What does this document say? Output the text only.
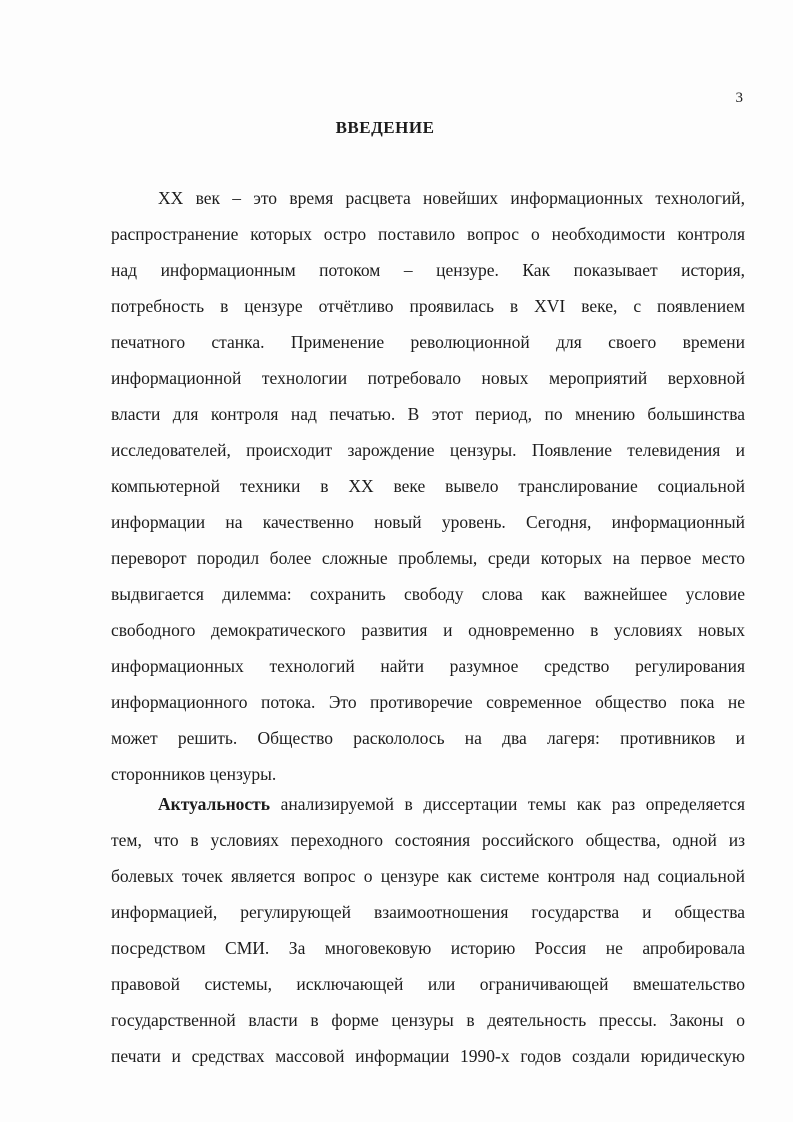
3
ВВЕДЕНИЕ
XX век – это время расцвета новейших информационных технологий,
распространение которых остро поставило вопрос о необходимости контроля
над информационным потоком – цензуре. Как показывает история,
потребность в цензуре отчётливо проявилась в XVI веке, с появлением
печатного станка. Применение революционной для своего времени
информационной технологии потребовало новых мероприятий верховной
власти для контроля над печатью. В этот период, по мнению большинства
исследователей, происходит зарождение цензуры. Появление телевидения и
компьютерной техники в XX веке вывело транслирование социальной
информации на качественно новый уровень. Сегодня, информационный
переворот породил более сложные проблемы, среди которых на первое место
выдвигается дилемма: сохранить свободу слова как важнейшее условие
свободного демократического развития и одновременно в условиях новых
информационных технологий найти разумное средство регулирования
информационного потока. Это противоречие современное общество пока не
может решить. Общество раскололось на два лагеря: противников и
сторонников цензуры.
Актуальность анализируемой в диссертации темы как раз определяется
тем, что в условиях переходного состояния российского общества, одной из
болевых точек является вопрос о цензуре как системе контроля над социальной
информацией, регулирующей взаимоотношения государства и общества
посредством СМИ. За многовековую историю Россия не апробировала
правовой системы, исключающей или ограничивающей вмешательство
государственной власти в форме цензуры в деятельность прессы. Законы о
печати и средствах массовой информации 1990-х годов создали юридическую
